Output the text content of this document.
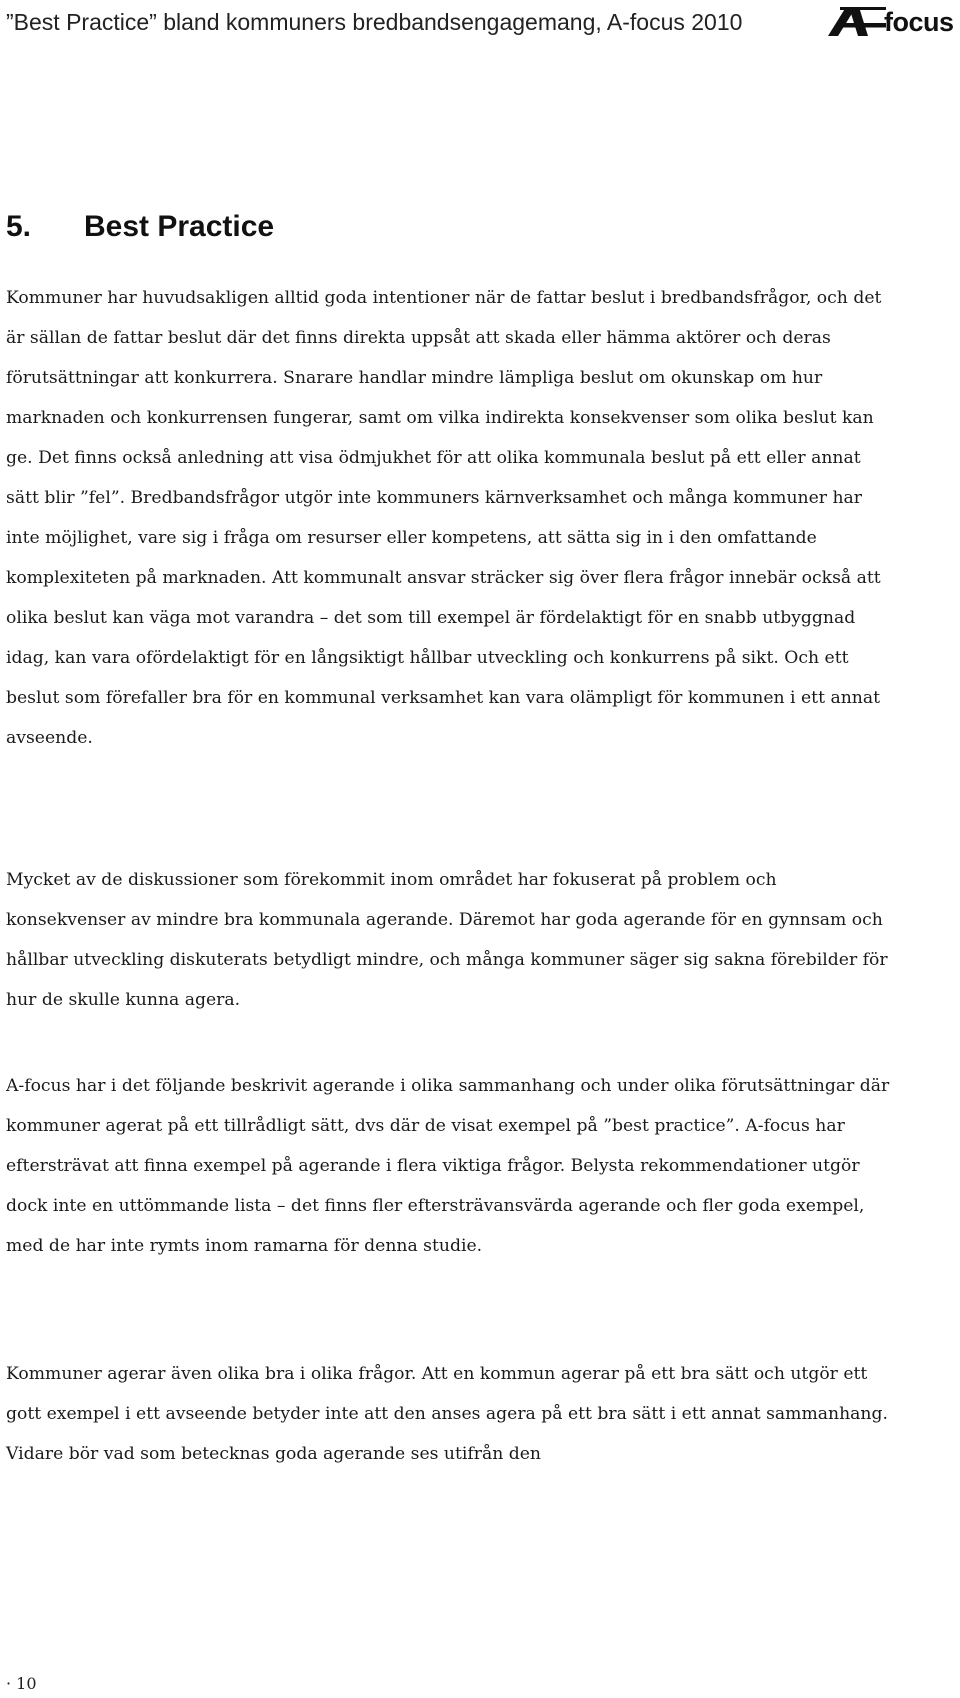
”Best Practice” bland kommuners bredbandsengagemang, A-focus 2010	focus
5. Best Practice
Kommuner har huvudsakligen alltid goda intentioner när de fattar beslut i bredbandsfrågor, och det är sällan de fattar beslut där det finns direkta uppsåt att skada eller hämma aktörer och deras förutsättningar att konkurrera. Snarare handlar mindre lämpliga beslut om okunskap om hur marknaden och konkurrensen fungerar, samt om vilka indirekta konsekvenser som olika beslut kan ge. Det finns också anledning att visa ödmjukhet för att olika kommunala beslut på ett eller annat sätt blir ”fel”. Bredbandsfrågor utgör inte kommuners kärnverksamhet och många kommuner har inte möjlighet, vare sig i fråga om resurser eller kompetens, att sätta sig in i den omfattande komplexiteten på marknaden. Att kommunalt ansvar sträcker sig över flera frågor innebär också att olika beslut kan väga mot varandra – det som till exempel är fördelaktigt för en snabb utbyggnad idag, kan vara ofördelaktigt för en långsiktigt hållbar utveckling och konkurrens på sikt. Och ett beslut som förefaller bra för en kommunal verksamhet kan vara olämpligt för kommunen i ett annat avseende.
Mycket av de diskussioner som förekommit inom området har fokuserat på problem och konsekvenser av mindre bra kommunala agerande. Däremot har goda agerande för en gynnsam och hållbar utveckling diskuterats betydligt mindre, och många kommuner säger sig sakna förebilder för hur de skulle kunna agera.
A-focus har i det följande beskrivit agerande i olika sammanhang och under olika förutsättningar där kommuner agerat på ett tillrådligt sätt, dvs där de visat exempel på ”best practice”. A-focus har eftersträvat att finna exempel på agerande i flera viktiga frågor. Belysta rekommendationer utgör dock inte en uttömmande lista – det finns fler eftersträvansvärda agerande och fler goda exempel, med de har inte rymts inom ramarna för denna studie.
Kommuner agerar även olika bra i olika frågor. Att en kommun agerar på ett bra sätt och utgör ett gott exempel i ett avseende betyder inte att den anses agera på ett bra sätt i ett annat sammanhang. Vidare bör vad som betecknas goda agerande ses utifrån den
· 10
